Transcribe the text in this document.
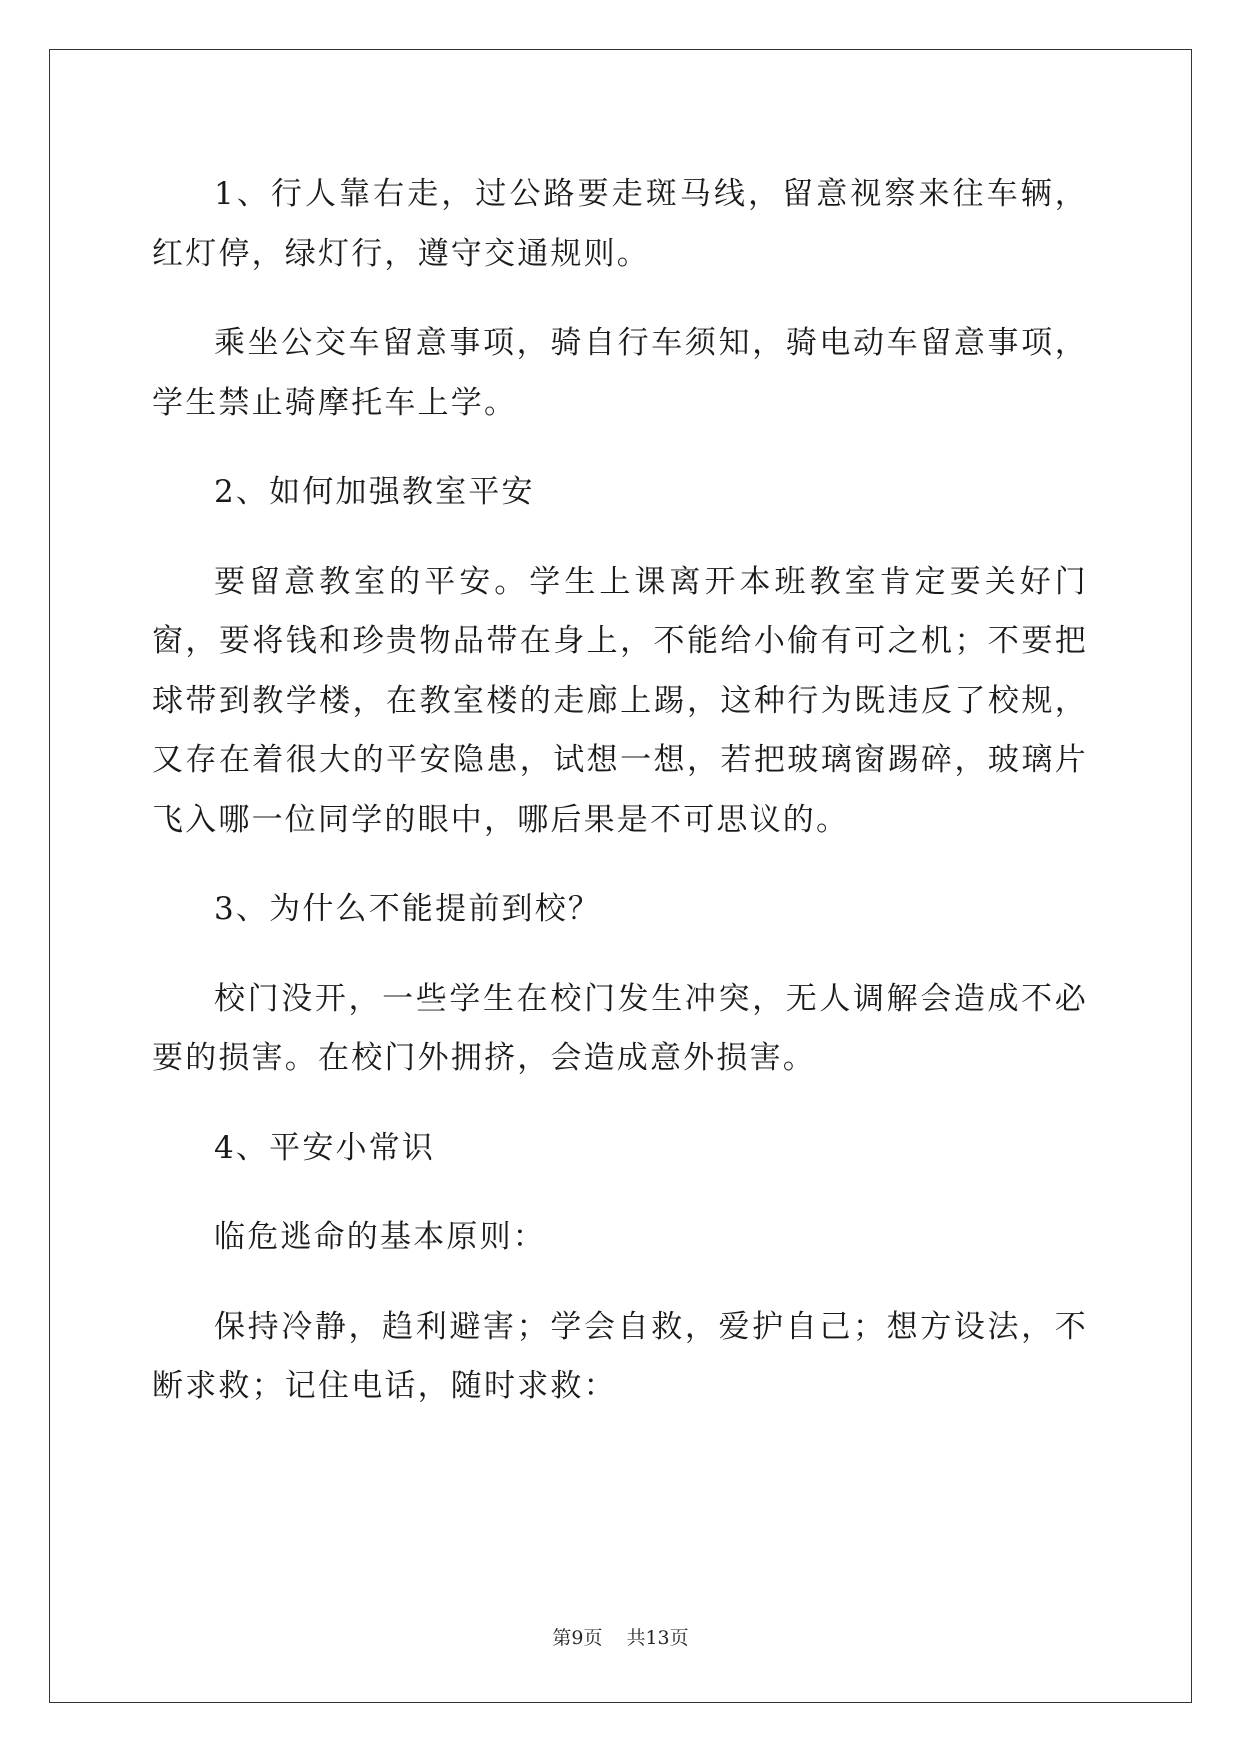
1、行人靠右走，过公路要走斑马线，留意视察来往车辆，红灯停，绿灯行，遵守交通规则。

乘坐公交车留意事项，骑自行车须知，骑电动车留意事项，学生禁止骑摩托车上学。

2、如何加强教室平安

要留意教室的平安。学生上课离开本班教室肯定要关好门窗，要将钱和珍贵物品带在身上，不能给小偷有可之机；不要把球带到教学楼，在教室楼的走廊上踢，这种行为既违反了校规，又存在着很大的平安隐患，试想一想，若把玻璃窗踢碎，玻璃片飞入哪一位同学的眼中，哪后果是不可思议的。

3、为什么不能提前到校？

校门没开，一些学生在校门发生冲突，无人调解会造成不必要的损害。在校门外拥挤，会造成意外损害。

4、平安小常识

临危逃命的基本原则：

保持冷静，趋利避害；学会自救，爱护自己；想方设法，不断求救；记住电话，随时求救：

第9页 共13页
